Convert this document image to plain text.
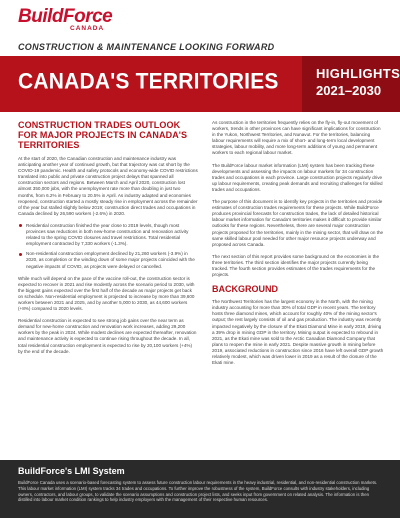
BuildForce
CANADA
CONSTRUCTION & MAINTENANCE LOOKING FORWARD
CANADA'S TERRITORIES	HIGHLIGHTS
2021–2030
CONSTRUCTION TRADES OUTLOOK FOR MAJOR PROJECTS IN CANADA'S TERRITORIES

At the start of 2020, the Canadian construction and maintenance industry was anticipating another year of continued growth, but that trajectory was cut short by the COVID-19 pandemic. Health and safety protocols and economy-wide COVID restrictions translated into public and private construction project delays that spanned all construction sectors and regions. Between March and April 2020, construction lost almost 350,000 jobs, with the unemployment rate more than doubling in just two months, from 6.2% in February to 20.5% in April. As industry adapted and economies reopened, construction started a mostly steady rise in employment across the remainder of the year but stalled slightly below 2019; construction direct trades and occupations in Canada declined by 26,590 workers (-2.6%) in 2020.

Residential construction finished the year close to 2019 levels, though most provinces saw reductions in both new-home construction and renovation activity related to the spring COVID closures and travel restrictions. Total residential employment contracted by 7,330 workers (-1.3%).
Non-residential construction employment declined by 21,260 workers (-3.9%) in 2020, as completion or the winding down of some major projects coincided with the negative impacts of COVID, as projects were delayed or cancelled.

While much will depend on the pace of the vaccine roll-out, the construction sector is expected to recover in 2021 and rise modestly across the scenario period to 2030, with the biggest gains expected over the first half of the decade as major projects get back on schedule. Non-residential employment is projected to increase by more than 39,600 workers between 2021 and 2025, and by another 5,000 to 2030, as 44,600 workers (+8%) compared to 2020 levels.

Residential construction is expected to see strong job gains over the near term as demand for new-home construction and renovation work increases, adding 29,200 workers by the peak in 2024. While modest declines are expected thereafter, renovation and maintenance activity is expected to continue rising throughout the decade. In all, total residential construction employment is expected to rise by 20,100 workers (+4%) by the end of the decade.

As construction in the territories frequently relies on the fly-in, fly-out movement of workers, trends in other provinces can have significant implications for construction in the Yukon, Northwest Territories, and Nunavut. For the territories, balancing labour requirements will require a mix of short- and long-term local development strategies, labour mobility, and more long-term additions of young and permanent workers to each regional labour market.

The BuildForce labour market information (LMI) system has been tracking these developments and assessing the impacts on labour markets for 34 construction trades and occupations in each province. Large construction projects regularly drive up labour requirements, creating peak demands and recruiting challenges for skilled trades and occupations.

The purpose of this document is to identify key projects in the territories and provide estimates of construction trades requirements for these projects. While BuildForce produces provincial forecasts for construction trades, the lack of detailed historical labour market information for Canada's territories makes it difficult to provide similar outlooks for these regions. Nevertheless, there are several major construction projects proposed for the territories, mainly in the mining sector, that will draw on the same skilled labour pool needed for other major resource projects underway and proposed across Canada.

The next section of this report provides some background on the economies in the three territories. The third section identifies the major projects currently being tracked. The fourth section provides estimates of the trades requirements for the projects.

BACKGROUND

The Northwest Territories has the largest economy in the North, with the mining industry accounting for more than 30% of total GDP in recent years. The territory hosts three diamond mines, which account for roughly 40% of the mining sector's output; the rest largely consists of oil and gas production. The industry was recently impacted negatively by the closure of the Ekati Diamond Mine in early 2019, driving a 39% drop in mining GDP in the territory. Mining output is expected to rebound in 2021, as the Ekati mine was sold to the Arctic Canadian Diamond Company that plans to reopen the mine in early 2021. Despite massive growth in mining before 2019, associated reductions in construction since 2016 have left overall GDP growth relatively modest, which was driven lower in 2019 as a result of the closure of the Ekati mine.

BuildForce's LMI System
BuildForce Canada uses a scenario-based forecasting system to assess future construction labour requirements in the heavy industrial, residential, and non-residential construction markets. This labour market information (LMI) system tracks 34 trades and occupations. To further improve the robustness of the system, BuildForce consults with industry stakeholders, including owners, contractors, and labour groups, to validate the scenario assumptions and construction project lists, and seeks input from government on related analysis. The information is then distilled into labour market condition rankings to help industry employers with the management of their respective human resources.
